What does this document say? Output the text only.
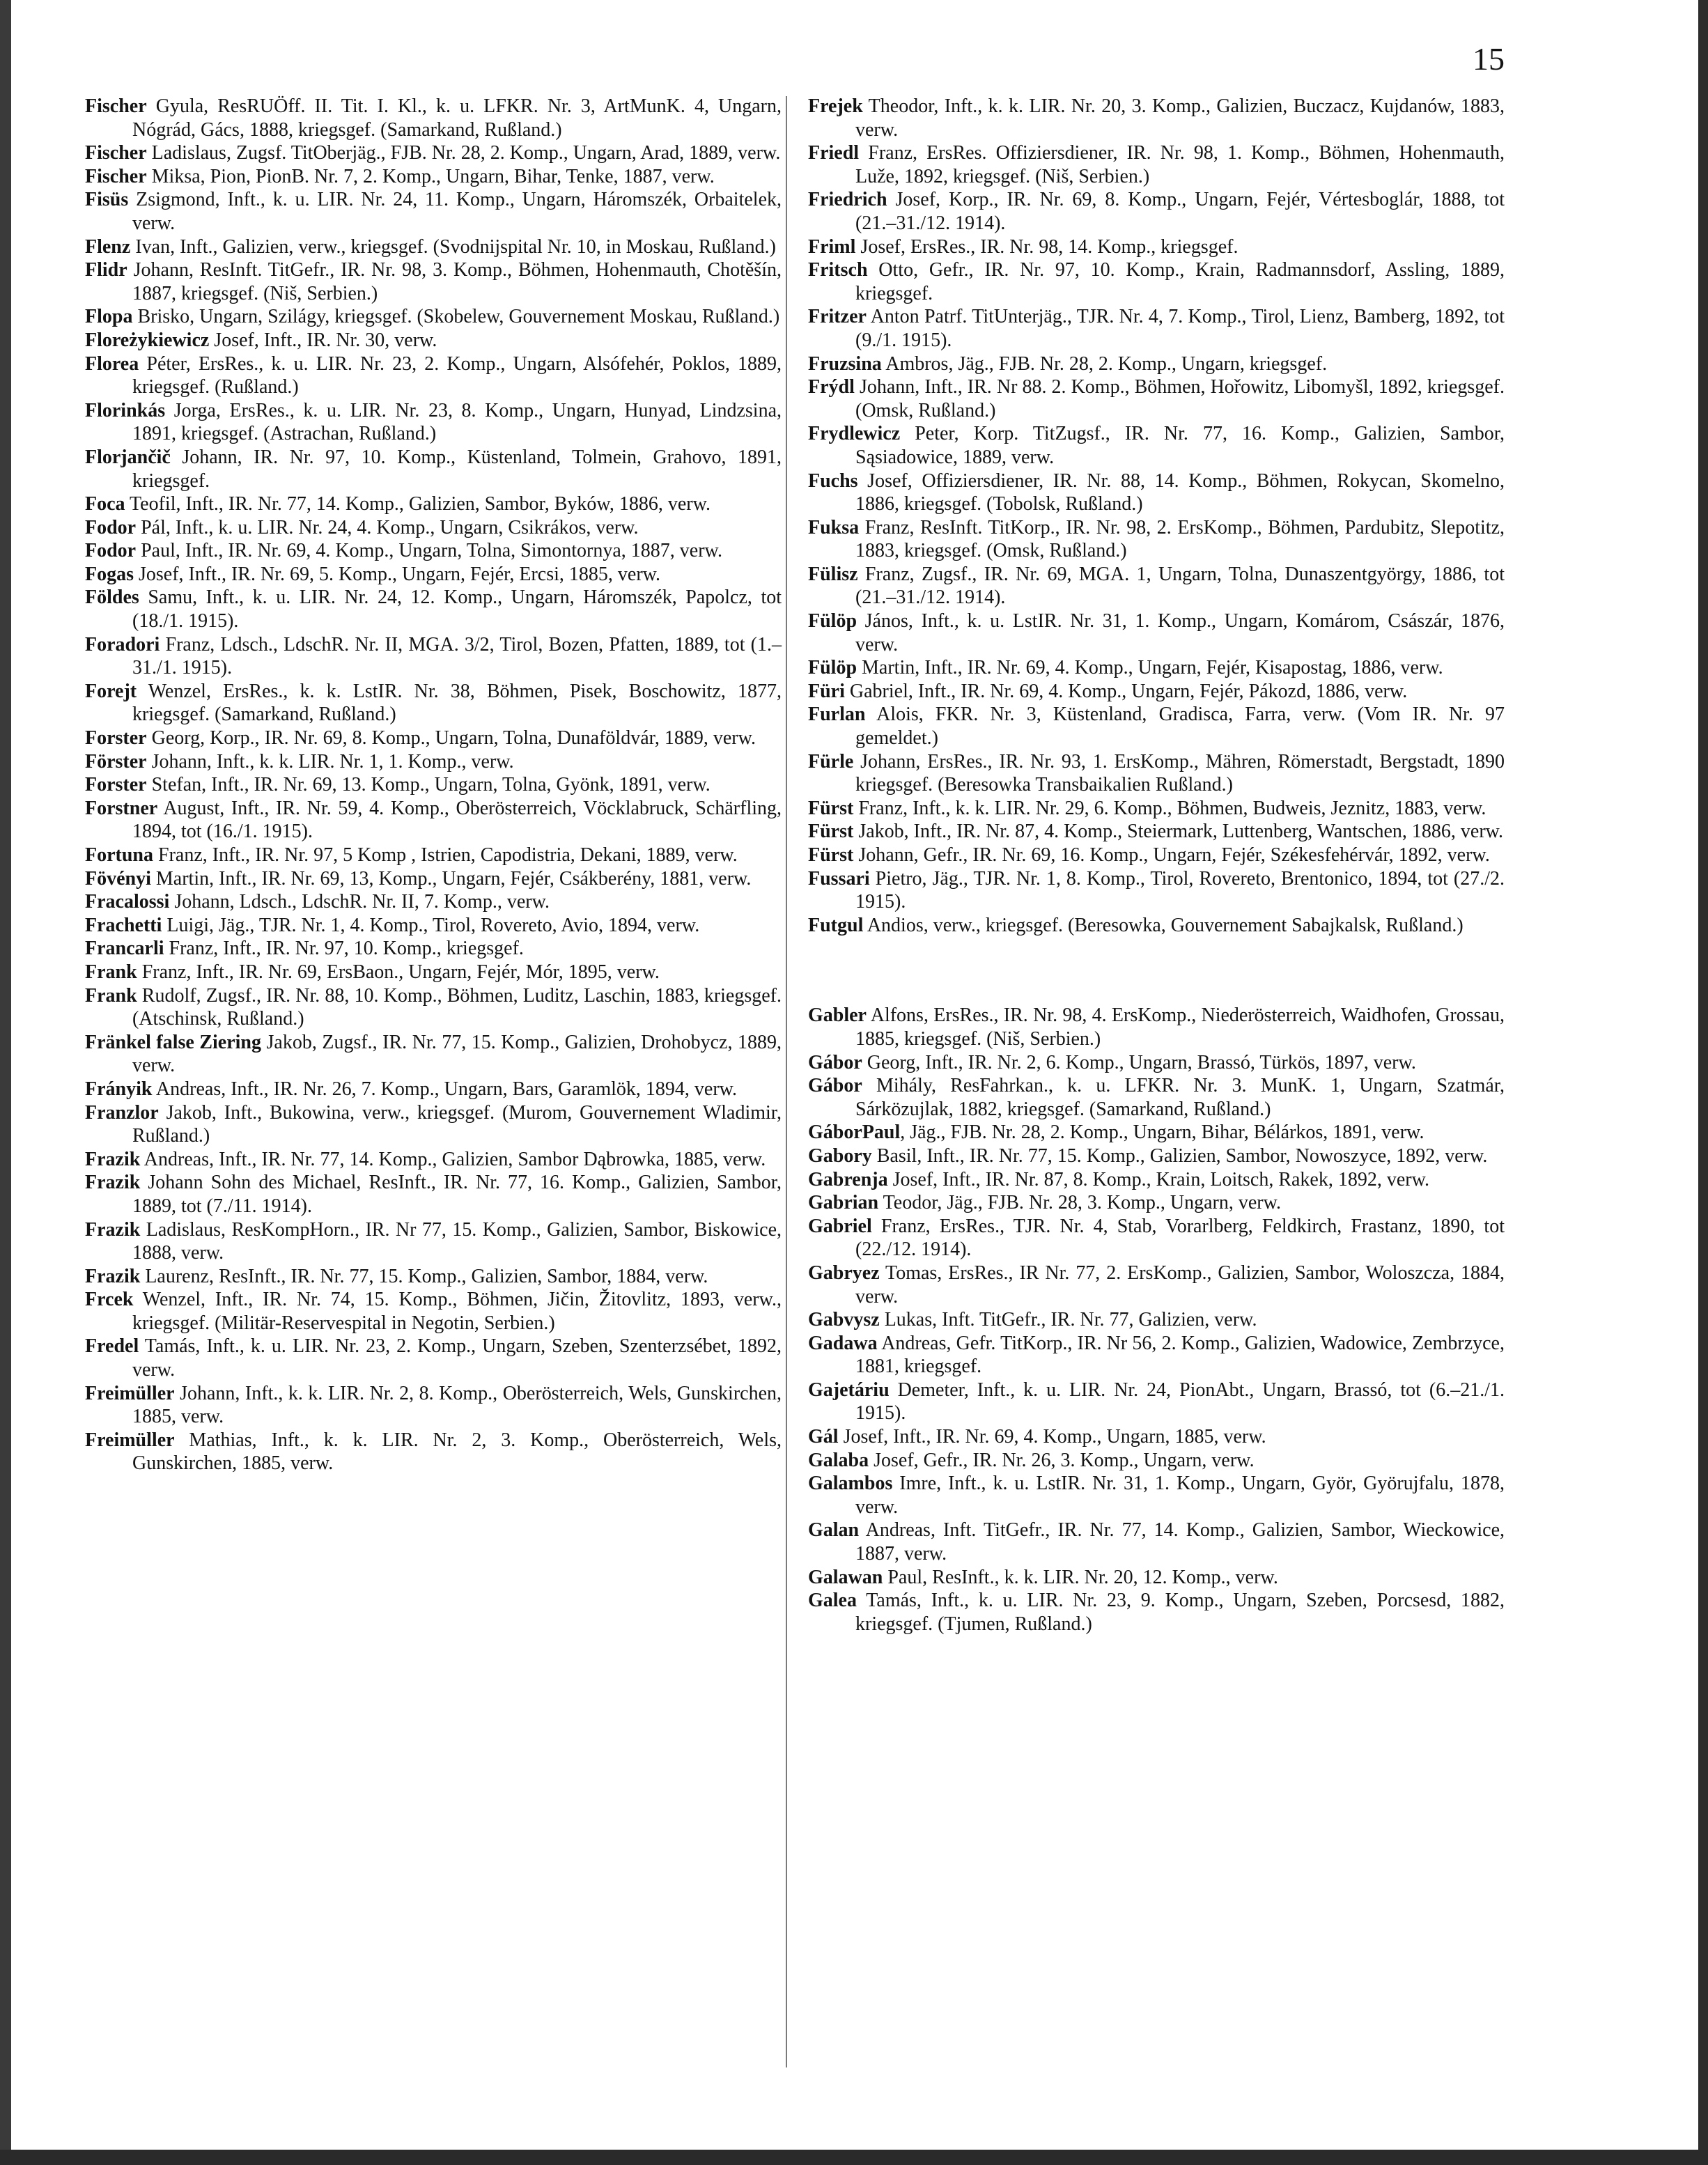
15

Fischer Gyula, ResRUÖff. II. Tit. I. Kl., k. u. LFKR. Nr. 3, ArtMunK. 4, Ungarn, Nógrád, Gács, 1888, kriegsgef. (Samarkand, Rußland.)

Fischer Ladislaus, Zugsf. TitOberjäg., FJB. Nr. 28, 2. Komp., Ungarn, Arad, 1889, verw.

Fischer Miksa, Pion, PionB. Nr. 7, 2. Komp., Ungarn, Bihar, Tenke, 1887, verw.

Fisüs Zsigmond, Inft., k. u. LIR. Nr. 24, 11. Komp., Ungarn, Háromszék, Orbaitelek, verw.

Flenz Ivan, Inft., Galizien, verw., kriegsgef. (Svodnijspital Nr. 10, in Moskau, Rußland.)

Flidr Johann, ResInft. TitGefr., IR. Nr. 98, 3. Komp., Böhmen, Hohenmauth, Chotěšín, 1887, kriegsgef. (Niš, Serbien.)

Flopa Brisko, Ungarn, Szilágy, kriegsgef. (Skobelew, Gouvernement Moskau, Rußland.)

Floreżykiewicz Josef, Inft., IR. Nr. 30, verw.

Florea Péter, ErsRes., k. u. LIR. Nr. 23, 2. Komp., Ungarn, Alsófehér, Poklos, 1889, kriegsgef. (Rußland.)

Florinkás Jorga, ErsRes., k. u. LIR. Nr. 23, 8. Komp., Ungarn, Hunyad, Lindzsina, 1891, kriegsgef. (Astrachan, Rußland.)

Florjančič Johann, IR. Nr. 97, 10. Komp., Küstenland, Tolmein, Grahovo, 1891, kriegsgef.

Foca Teofil, Inft., IR. Nr. 77, 14. Komp., Galizien, Sambor, Byków, 1886, verw.

Fodor Pál, Inft., k. u. LIR. Nr. 24, 4. Komp., Ungarn, Csikrákos, verw.

Fodor Paul, Inft., IR. Nr. 69, 4. Komp., Ungarn, Tolna, Simontornya, 1887, verw.

Fogas Josef, Inft., IR. Nr. 69, 5. Komp., Ungarn, Fejér, Ercsi, 1885, verw.

Földes Samu, Inft., k. u. LIR. Nr. 24, 12. Komp., Ungarn, Háromszék, Papolcz, tot (18./1. 1915).

Foradori Franz, Ldsch., LdschR. Nr. II, MGA. 3/2, Tirol, Bozen, Pfatten, 1889, tot (1.–31./1. 1915).

Forejt Wenzel, ErsRes., k. k. LstIR. Nr. 38, Böhmen, Pisek, Boschowitz, 1877, kriegsgef. (Samarkand, Rußland.)

Forster Georg, Korp., IR. Nr. 69, 8. Komp., Ungarn, Tolna, Dunaföldvár, 1889, verw.

Förster Johann, Inft., k. k. LIR. Nr. 1, 1. Komp., verw.

Forster Stefan, Inft., IR. Nr. 69, 13. Komp., Ungarn, Tolna, Gyönk, 1891, verw.

Forstner August, Inft., IR. Nr. 59, 4. Komp., Oberösterreich, Vöcklabruck, Schärfling, 1894, tot (16./1. 1915).

Fortuna Franz, Inft., IR. Nr. 97, 5 Komp , Istrien, Capodistria, Dekani, 1889, verw.

Fövényi Martin, Inft., IR. Nr. 69, 13, Komp., Ungarn, Fejér, Csákberény, 1881, verw.

Fracalossi Johann, Ldsch., LdschR. Nr. II, 7. Komp., verw.

Frachetti Luigi, Jäg., TJR. Nr. 1, 4. Komp., Tirol, Rovereto, Avio, 1894, verw.

Francarli Franz, Inft., IR. Nr. 97, 10. Komp., kriegsgef.

Frank Franz, Inft., IR. Nr. 69, ErsBaon., Ungarn, Fejér, Mór, 1895, verw.

Frank Rudolf, Zugsf., IR. Nr. 88, 10. Komp., Böhmen, Luditz, Laschin, 1883, kriegsgef. (Atschinsk, Rußland.)

Fränkel false Ziering Jakob, Zugsf., IR. Nr. 77, 15. Komp., Galizien, Drohobycz, 1889, verw.

Frányik Andreas, Inft., IR. Nr. 26, 7. Komp., Ungarn, Bars, Garamlök, 1894, verw.

Franzlor Jakob, Inft., Bukowina, verw., kriegsgef. (Murom, Gouvernement Wladimir, Rußland.)

Frazik Andreas, Inft., IR. Nr. 77, 14. Komp., Galizien, Sambor Dąbrowka, 1885, verw.

Frazik Johann Sohn des Michael, ResInft., IR. Nr. 77, 16. Komp., Galizien, Sambor, 1889, tot (7./11. 1914).

Frazik Ladislaus, ResKompHorn., IR. Nr 77, 15. Komp., Galizien, Sambor, Biskowice, 1888, verw.

Frazik Laurenz, ResInft., IR. Nr. 77, 15. Komp., Galizien, Sambor, 1884, verw.

Frcek Wenzel, Inft., IR. Nr. 74, 15. Komp., Böhmen, Jičin, Žitovlitz, 1893, verw., kriegsgef. (Militär-Reservespital in Negotin, Serbien.)

Fredel Tamás, Inft., k. u. LIR. Nr. 23, 2. Komp., Ungarn, Szeben, Szenterzsébet, 1892, verw.

Freimüller Johann, Inft., k. k. LIR. Nr. 2, 8. Komp., Oberösterreich, Wels, Gunskirchen, 1885, verw.

Freimüller Mathias, Inft., k. k. LIR. Nr. 2, 3. Komp., Oberösterreich, Wels, Gunskirchen, 1885, verw.

Frejek Theodor, Inft., k. k. LIR. Nr. 20, 3. Komp., Galizien, Buczacz, Kujdanów, 1883, verw.

Friedl Franz, ErsRes. Offiziersdiener, IR. Nr. 98, 1. Komp., Böhmen, Hohenmauth, Luže, 1892, kriegsgef. (Niš, Serbien.)

Friedrich Josef, Korp., IR. Nr. 69, 8. Komp., Ungarn, Fejér, Vértesboglár, 1888, tot (21.–31./12. 1914).

Friml Josef, ErsRes., IR. Nr. 98, 14. Komp., kriegsgef.

Fritsch Otto, Gefr., IR. Nr. 97, 10. Komp., Krain, Radmannsdorf, Assling, 1889, kriegsgef.

Fritzer Anton Patrf. TitUnterjäg., TJR. Nr. 4, 7. Komp., Tirol, Lienz, Bamberg, 1892, tot (9./1. 1915).

Fruzsina Ambros, Jäg., FJB. Nr. 28, 2. Komp., Ungarn, kriegsgef.

Frýdl Johann, Inft., IR. Nr 88. 2. Komp., Böhmen, Hořowitz, Libomyšl, 1892, kriegsgef. (Omsk, Rußland.)

Frydlewicz Peter, Korp. TitZugsf., IR. Nr. 77, 16. Komp., Galizien, Sambor, Sąsiadowice, 1889, verw.

Fuchs Josef, Offiziersdiener, IR. Nr. 88, 14. Komp., Böhmen, Rokycan, Skomelno, 1886, kriegsgef. (Tobolsk, Rußland.)

Fuksa Franz, ResInft. TitKorp., IR. Nr. 98, 2. ErsKomp., Böhmen, Pardubitz, Slepotitz, 1883, kriegsgef. (Omsk, Rußland.)

Fülisz Franz, Zugsf., IR. Nr. 69, MGA. 1, Ungarn, Tolna, Dunaszentgyörgy, 1886, tot (21.–31./12. 1914).

Fülöp János, Inft., k. u. LstIR. Nr. 31, 1. Komp., Ungarn, Komárom, Császár, 1876, verw.

Fülöp Martin, Inft., IR. Nr. 69, 4. Komp., Ungarn, Fejér, Kisapostag, 1886, verw.

Füri Gabriel, Inft., IR. Nr. 69, 4. Komp., Ungarn, Fejér, Pákozd, 1886, verw.

Furlan Alois, FKR. Nr. 3, Küstenland, Gradisca, Farra, verw. (Vom IR. Nr. 97 gemeldet.)

Fürle Johann, ErsRes., IR. Nr. 93, 1. ErsKomp., Mähren, Römerstadt, Bergstadt, 1890 kriegsgef. (Beresowka Transbaikalien Rußland.)

Fürst Franz, Inft., k. k. LIR. Nr. 29, 6. Komp., Böhmen, Budweis, Jeznitz, 1883, verw.

Fürst Jakob, Inft., IR. Nr. 87, 4. Komp., Steiermark, Luttenberg, Wantschen, 1886, verw.

Fürst Johann, Gefr., IR. Nr. 69, 16. Komp., Ungarn, Fejér, Székesfehérvár, 1892, verw.

Fussari Pietro, Jäg., TJR. Nr. 1, 8. Komp., Tirol, Rovereto, Brentonico, 1894, tot (27./2. 1915).

Futgul Andios, verw., kriegsgef. (Beresowka, Gouvernement Sabajkalsk, Rußland.)

Gabler Alfons, ErsRes., IR. Nr. 98, 4. ErsKomp., Niederösterreich, Waidhofen, Grossau, 1885, kriegsgef. (Niš, Serbien.)

Gábor Georg, Inft., IR. Nr. 2, 6. Komp., Ungarn, Brassó, Türkös, 1897, verw.

Gábor Mihály, ResFahrkan., k. u. LFKR. Nr. 3. MunK. 1, Ungarn, Szatmár, Sárközujlak, 1882, kriegsgef. (Samarkand, Rußland.)

GáborPaul, Jäg., FJB. Nr. 28, 2. Komp., Ungarn, Bihar, Bélárkos, 1891, verw.

Gabory Basil, Inft., IR. Nr. 77, 15. Komp., Galizien, Sambor, Nowoszyce, 1892, verw.

Gabrenja Josef, Inft., IR. Nr. 87, 8. Komp., Krain, Loitsch, Rakek, 1892, verw.

Gabrian Teodor, Jäg., FJB. Nr. 28, 3. Komp., Ungarn, verw.

Gabriel Franz, ErsRes., TJR. Nr. 4, Stab, Vorarlberg, Feldkirch, Frastanz, 1890, tot (22./12. 1914).

Gabryez Tomas, ErsRes., IR Nr. 77, 2. ErsKomp., Galizien, Sambor, Woloszcza, 1884, verw.

Gabvysz Lukas, Inft. TitGefr., IR. Nr. 77, Galizien, verw.

Gadawa Andreas, Gefr. TitKorp., IR. Nr 56, 2. Komp., Galizien, Wadowice, Zembrzyce, 1881, kriegsgef.

Gajetáriu Demeter, Inft., k. u. LIR. Nr. 24, PionAbt., Ungarn, Brassó, tot (6.–21./1. 1915).

Gál Josef, Inft., IR. Nr. 69, 4. Komp., Ungarn, 1885, verw.

Galaba Josef, Gefr., IR. Nr. 26, 3. Komp., Ungarn, verw.

Galambos Imre, Inft., k. u. LstIR. Nr. 31, 1. Komp., Ungarn, Györ, Györujfalu, 1878, verw.

Galan Andreas, Inft. TitGefr., IR. Nr. 77, 14. Komp., Galizien, Sambor, Wieckowice, 1887, verw.

Galawan Paul, ResInft., k. k. LIR. Nr. 20, 12. Komp., verw.

Galea Tamás, Inft., k. u. LIR. Nr. 23, 9. Komp., Ungarn, Szeben, Porcsesd, 1882, kriegsgef. (Tjumen, Rußland.)
